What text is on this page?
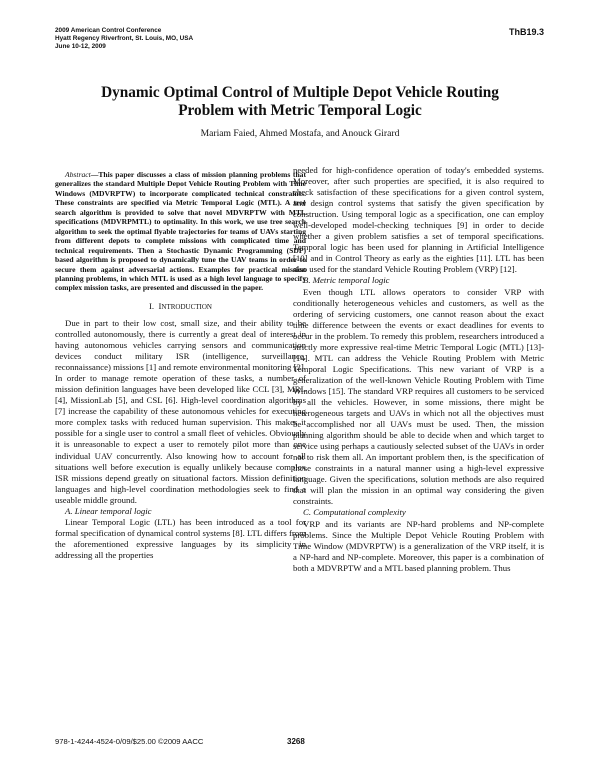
2009 American Control Conference
Hyatt Regency Riverfront, St. Louis, MO, USA
June 10-12, 2009
ThB19.3
Dynamic Optimal Control of Multiple Depot Vehicle Routing
Problem with Metric Temporal Logic
Mariam Faied, Ahmed Mostafa, and Anouck Girard

Abstract—This paper discusses a class of mission planning problems that generalizes the standard Multiple Depot Vehicle Routing Problem with Time Windows (MDVRPTW) to incorporate complicated technical constraints. These constraints are specified via Metric Temporal Logic (MTL). A tree search algorithm is provided to solve that novel MDVRPTW with MTL specifications (MDVRPMTL) to optimality. In this work, we use tree search algorithm to seek the optimal flyable trajectories for teams of UAVs starting from different depots to complete missions with complicated time and technical requirements. Then a Stochastic Dynamic Programming (SDP) based algorithm is proposed to dynamically tune the UAV teams in order to secure them against adversarial actions. Examples for practical mission planning problems, in which MTL is used as a high level language to specify complex mission tasks, are presented and discussed in the paper.

I. INTRODUCTION

Due in part to their low cost, small size, and their ability to be controlled autonomously, there is currently a great deal of interest in having autonomous vehicles carrying sensors and communication devices conduct military ISR (intelligence, surveillance, reconnaissance) missions [1] and remote environmental monitoring [2]. In order to manage remote operation of these tasks, a number of mission definition languages have been developed like CCL [3], MRL [4], MissionLab [5], and CSL [6]. High-level coordination algorithms [7] increase the capability of these autonomous vehicles for executing more complex tasks with reduced human supervision. This makes it possible for a single user to control a small fleet of vehicles. Obviously it is unreasonable to expect a user to remotely pilot more than one individual UAV concurrently. Also knowing how to account for all situations well before execution is equally unlikely because complex ISR missions depend greatly on situational factors. Mission definition languages and high-level coordination methodologies seek to find a useable middle ground.

A. Linear temporal logic

Linear Temporal Logic (LTL) has been introduced as a tool for formal specification of dynamical control systems [8]. LTL differs from the aforementioned expressive languages by its simplicity in addressing all the properties

needed for high-confidence operation of today's embedded systems. Moreover, after such properties are specified, it is also required to check satisfaction of these specifications for a given control system, and design control systems that satisfy the given specification by construction. Using temporal logic as a specification, one can employ well-developed model-checking techniques [9] in order to decide whether a given problem satisfies a set of temporal specifications. Temporal logic has been used for planning in Artificial Intelligence [10] and in Control Theory as early as the eighties [11]. LTL has been also used for the standard Vehicle Routing Problem (VRP) [12].

B. Metric temporal logic

Even though LTL allows operators to consider VRP with conditionally heterogeneous vehicles and customers, as well as the ordering of servicing customers, one cannot reason about the exact time difference between the events or exact deadlines for events to occur in the problem. To remedy this problem, researchers introduced a strictly more expressive real-time Metric Temporal Logic (MTL) [13]-[14]. MTL can address the Vehicle Routing Problem with Metric Temporal Logic Specifications. This new variant of VRP is a generalization of the well-known Vehicle Routing Problem with Time Windows [15]. The standard VRP requires all customers to be serviced by all the vehicles. However, in some missions, there might be heterogeneous targets and UAVs in which not all the objectives must be accomplished nor all UAVs must be used. Then, the mission planning algorithm should be able to decide when and which target to service using perhaps a cautiously selected subset of the UAVs in order not to risk them all. An important problem then, is the specification of these constraints in a natural manner using a high-level expressive language. Given the specifications, solution methods are also required that will plan the mission in an optimal way considering the given constraints.

C. Computational complexity

VRP and its variants are NP-hard problems and NP-complete problems. Since the Multiple Depot Vehicle Routing Problem with Time Window (MDVRPTW) is a generalization of the VRP itself, it is a NP-hard and NP-complete. Moreover, this paper is a combination of both a MDVRPTW and a MTL based planning problem. Thus

978-1-4244-4524-0/09/$25.00 ©2009 AACC	3268
